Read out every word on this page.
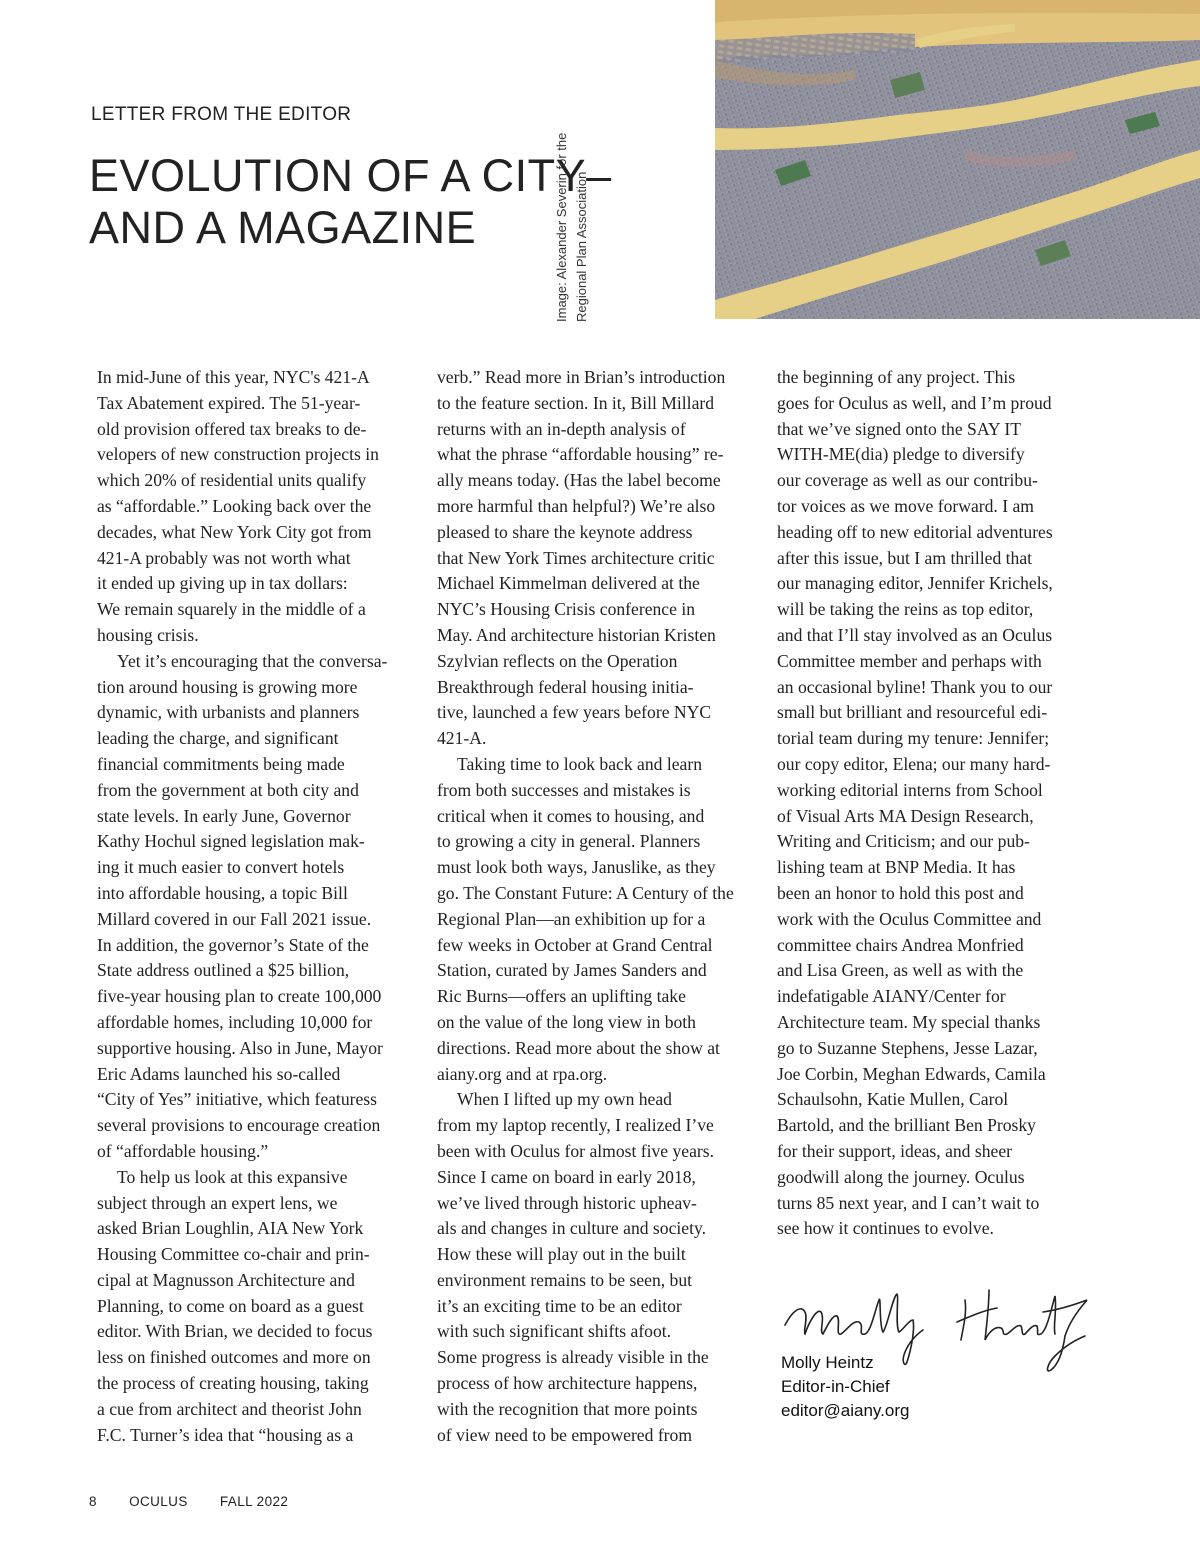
LETTER FROM THE EDITOR
EVOLUTION OF A CITY–
AND A MAGAZINE	Image: Alexander Severin for the Regional Plan Association
In mid-June of this year, NYC's 421-A
Tax Abatement expired. The 51-year-
old provision offered tax breaks to de-
velopers of new construction projects in
which 20% of residential units qualify
as “affordable.” Looking back over the
decades, what New York City got from
421-A probably was not worth what
it ended up giving up in tax dollars:
We remain squarely in the middle of a
housing crisis.
Yet it’s encouraging that the conversa-
tion around housing is growing more
dynamic, with urbanists and planners
leading the charge, and significant
financial commitments being made
from the government at both city and
state levels. In early June, Governor
Kathy Hochul signed legislation mak-
ing it much easier to convert hotels
into affordable housing, a topic Bill
Millard covered in our Fall 2021 issue.
In addition, the governor’s State of the
State address outlined a $25 billion,
five-year housing plan to create 100,000
affordable homes, including 10,000 for
supportive housing. Also in June, Mayor
Eric Adams launched his so-called
“City of Yes” initiative, which featuress
several provisions to encourage creation
of “affordable housing.”
To help us look at this expansive
subject through an expert lens, we
asked Brian Loughlin, AIA New York
Housing Committee co-chair and prin-
cipal at Magnusson Architecture and
Planning, to come on board as a guest
editor. With Brian, we decided to focus
less on finished outcomes and more on
the process of creating housing, taking
a cue from architect and theorist John
F.C. Turner’s idea that “housing as a
verb.” Read more in Brian’s introduction
to the feature section. In it, Bill Millard
returns with an in-depth analysis of
what the phrase “affordable housing” re-
ally means today. (Has the label become
more harmful than helpful?) We’re also
pleased to share the keynote address
that New York Times architecture critic
Michael Kimmelman delivered at the
NYC’s Housing Crisis conference in
May. And architecture historian Kristen
Szylvian reflects on the Operation
Breakthrough federal housing initia-
tive, launched a few years before NYC
421-A.
Taking time to look back and learn
from both successes and mistakes is
critical when it comes to housing, and
to growing a city in general. Planners
must look both ways, Januslike, as they
go. The Constant Future: A Century of the
Regional Plan—an exhibition up for a
few weeks in October at Grand Central
Station, curated by James Sanders and
Ric Burns—offers an uplifting take
on the value of the long view in both
directions. Read more about the show at
aiany.org and at rpa.org.
When I lifted up my own head
from my laptop recently, I realized I’ve
been with Oculus for almost five years.
Since I came on board in early 2018,
we’ve lived through historic upheav-
als and changes in culture and society.
How these will play out in the built
environment remains to be seen, but
it’s an exciting time to be an editor
with such significant shifts afoot.
Some progress is already visible in the
process of how architecture happens,
with the recognition that more points
of view need to be empowered from
the beginning of any project. This
goes for Oculus as well, and I’m proud
that we’ve signed onto the SAY IT
WITH-ME(dia) pledge to diversify
our coverage as well as our contribu-
tor voices as we move forward. I am
heading off to new editorial adventures
after this issue, but I am thrilled that
our managing editor, Jennifer Krichels,
will be taking the reins as top editor,
and that I’ll stay involved as an Oculus
Committee member and perhaps with
an occasional byline! Thank you to our
small but brilliant and resourceful edi-
torial team during my tenure: Jennifer;
our copy editor, Elena; our many hard-
working editorial interns from School
of Visual Arts MA Design Research,
Writing and Criticism; and our pub-
lishing team at BNP Media. It has
been an honor to hold this post and
work with the Oculus Committee and
committee chairs Andrea Monfried
and Lisa Green, as well as with the
indefatigable AIANY/Center for
Architecture team. My special thanks
go to Suzanne Stephens, Jesse Lazar,
Joe Corbin, Meghan Edwards, Camila
Schaulsohn, Katie Mullen, Carol
Bartold, and the brilliant Ben Prosky
for their support, ideas, and sheer
goodwill along the journey. Oculus
turns 85 next year, and I can’t wait to
see how it continues to evolve.
Molly Heintz
Editor-in-Chief
editor@aiany.org
8 OCULUS FALL 2022
